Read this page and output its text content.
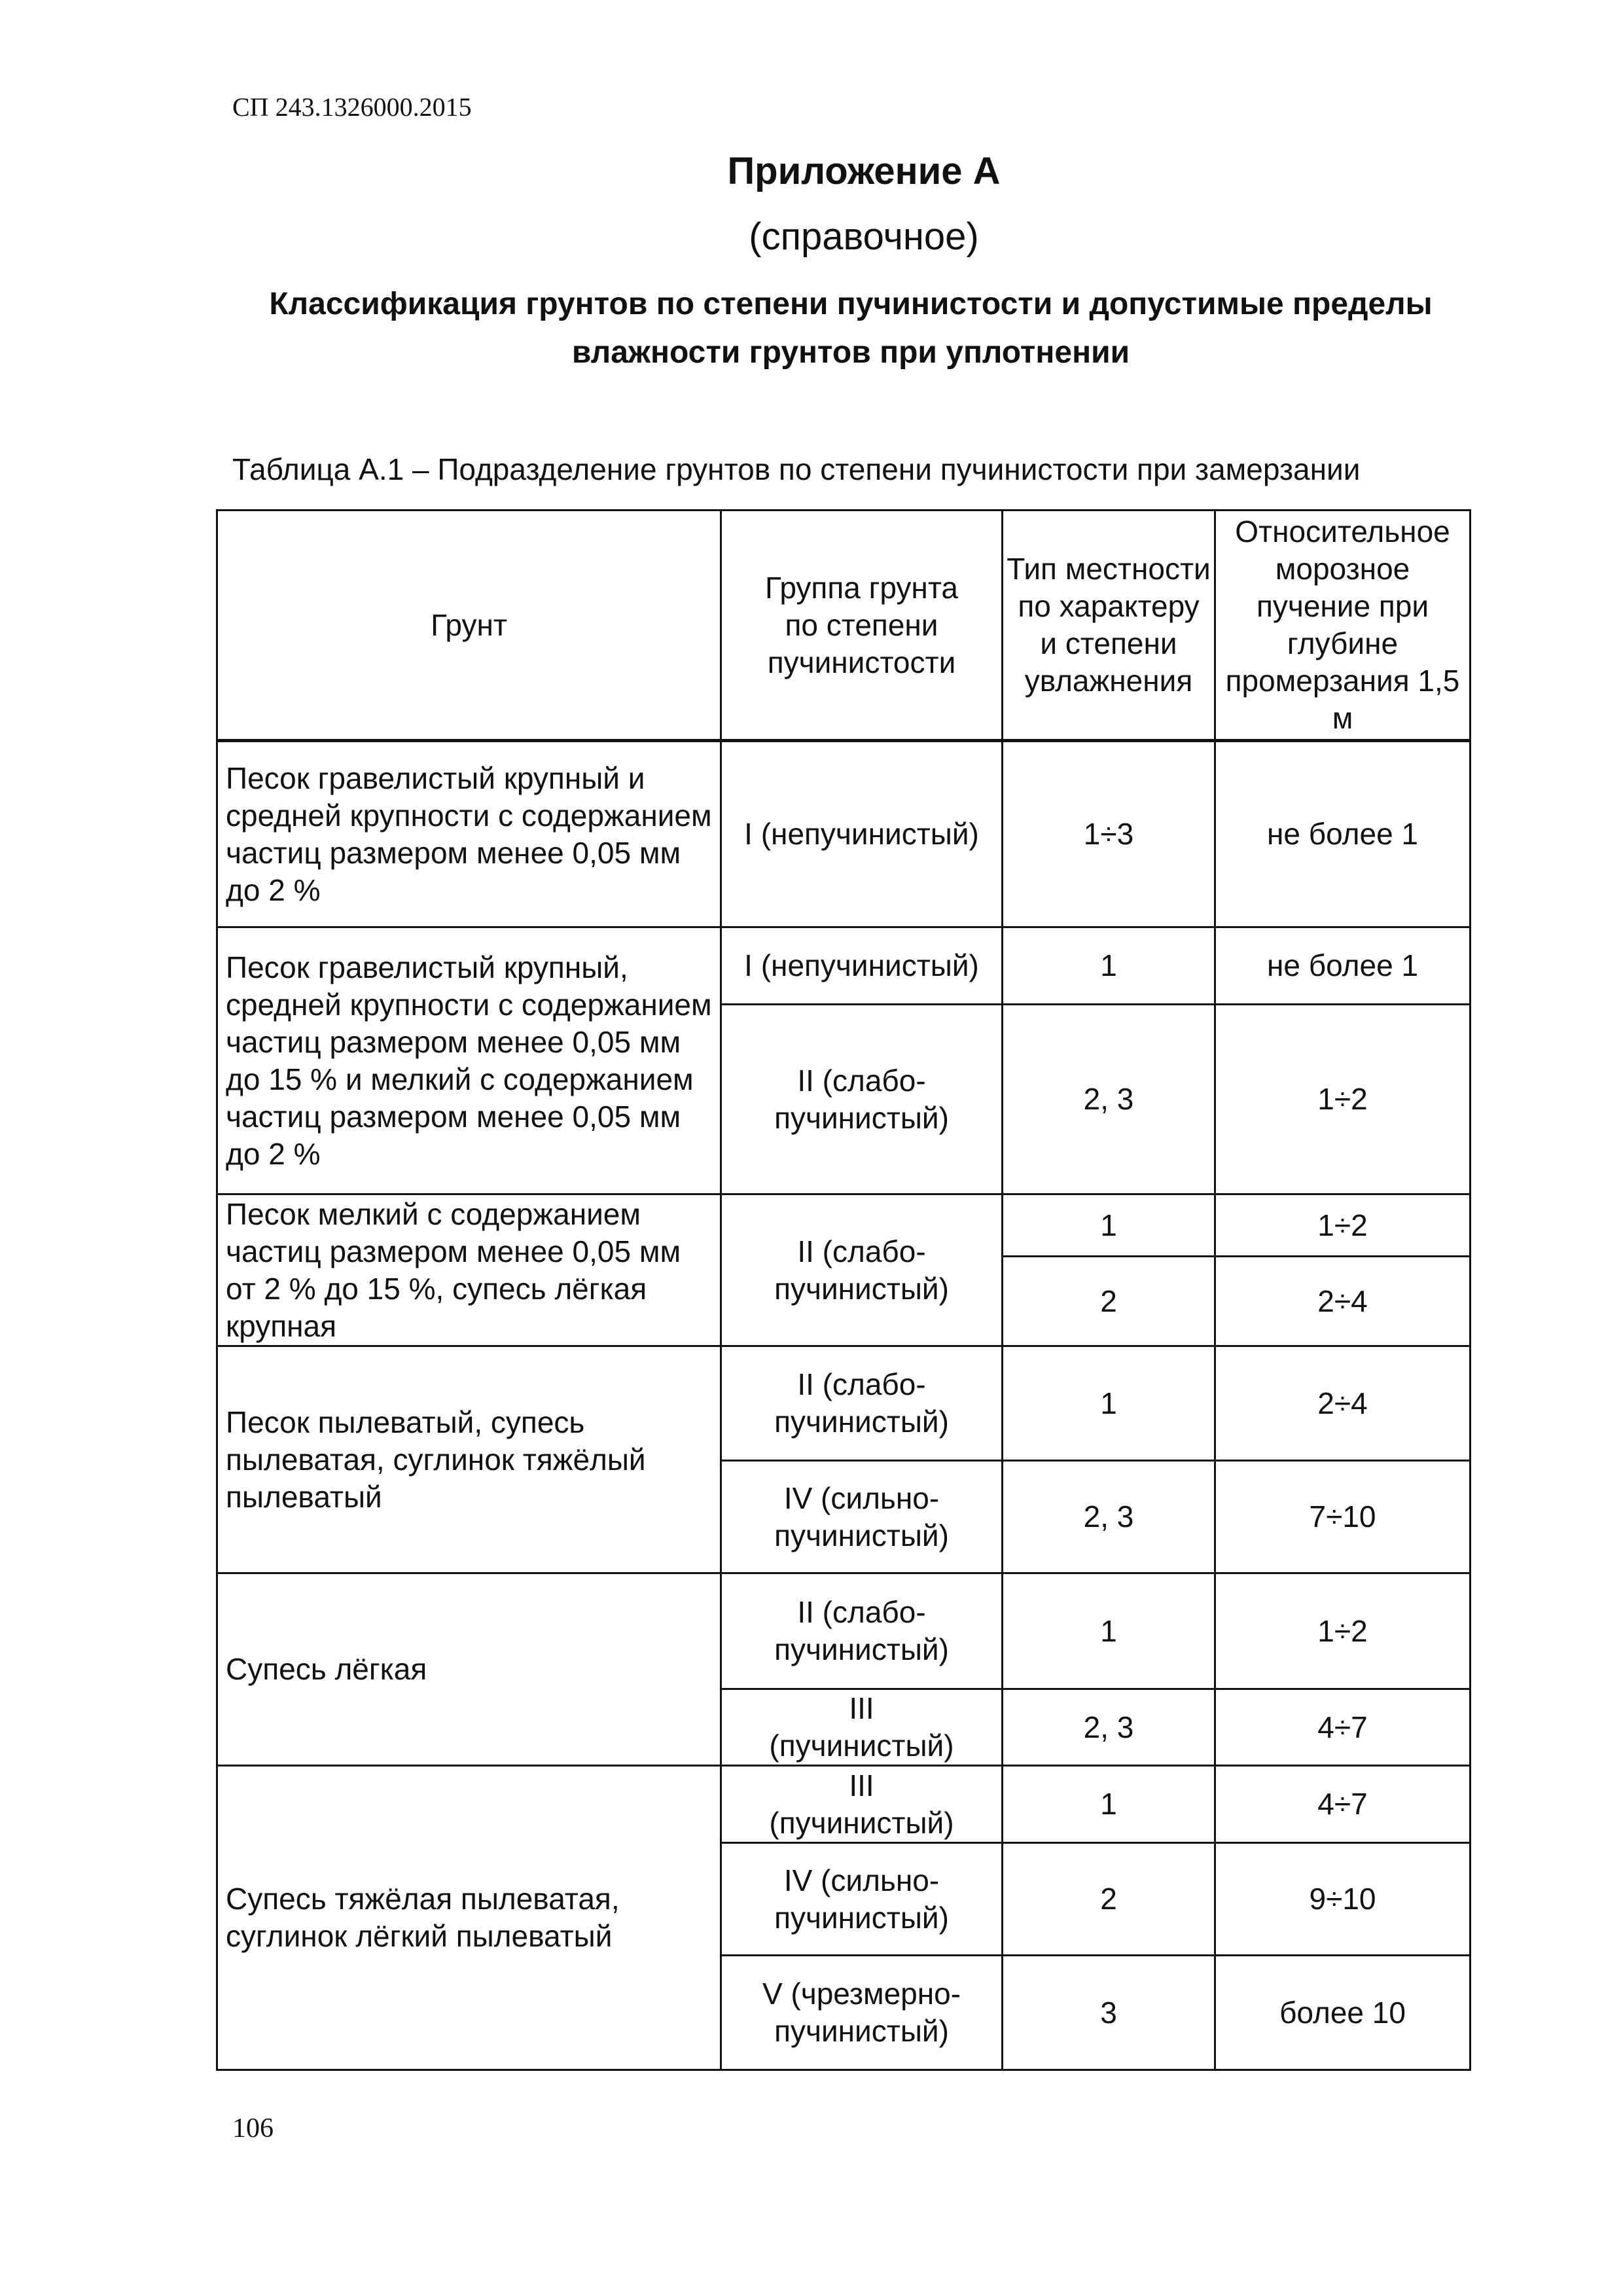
СП 243.1326000.2015
Приложение А
(справочное)
Классификация грунтов по степени пучинистости и допустимые пределы влажности грунтов при уплотнении
Таблица А.1 – Подразделение грунтов по степени пучинистости при замерзании
Грунт	Группа грунта по степени пучинистости	Тип местности по характеру и степени увлажнения	Относительное морозное пучение при глубине промерзания 1,5 м
Песок гравелистый крупный и средней крупности с содержанием частиц размером менее 0,05 мм до 2 %	I (непучинистый)	1÷3	не более 1
Песок гравелистый крупный, средней крупности с содержанием частиц размером менее 0,05 мм до 15 % и мелкий с содержанием частиц размером менее 0,05 мм до 2 %	I (непучинистый)	1	не более 1
	II (слабо-пучинистый)	2, 3	1÷2
Песок мелкий с содержанием частиц размером менее 0,05 мм от 2 % до 15 %, супесь лёгкая крупная	II (слабо-пучинистый)	1	1÷2
		2	2÷4
Песок пылеватый, супесь пылеватая, суглинок тяжёлый пылеватый	II (слабо-пучинистый)	1	2÷4
	IV (сильно-пучинистый)	2, 3	7÷10
Супесь лёгкая	II (слабо-пучинистый)	1	1÷2
	III (пучинистый)	2, 3	4÷7
Супесь тяжёлая пылеватая, суглинок лёгкий пылеватый	III (пучинистый)	1	4÷7
	IV (сильно-пучинистый)	2	9÷10
	V (чрезмерно-пучинистый)	3	более 10
106
